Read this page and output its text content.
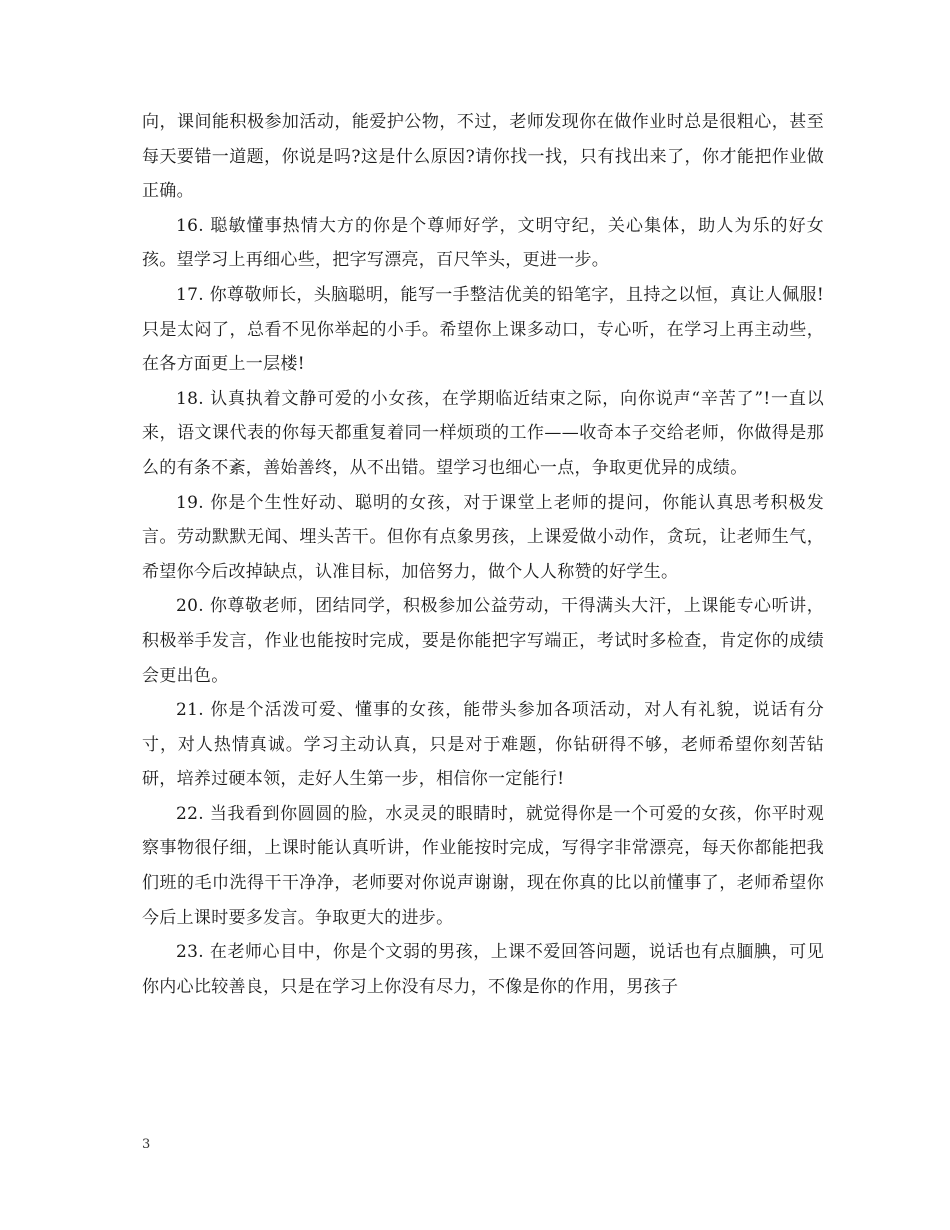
向，课间能积极参加活动，能爱护公物，不过，老师发现你在做作业时总是很粗心，甚至每天要错一道题，你说是吗?这是什么原因?请你找一找，只有找出来了，你才能把作业做正确。

16. 聪敏懂事热情大方的你是个尊师好学，文明守纪，关心集体，助人为乐的好女孩。望学习上再细心些，把字写漂亮，百尺竿头，更进一步。

17. 你尊敬师长，头脑聪明，能写一手整洁优美的铅笔字，且持之以恒，真让人佩服!只是太闷了，总看不见你举起的小手。希望你上课多动口，专心听，在学习上再主动些，在各方面更上一层楼!

18. 认真执着文静可爱的小女孩，在学期临近结束之际，向你说声“辛苦了”!一直以来，语文课代表的你每天都重复着同一样烦琐的工作——收奇本子交给老师，你做得是那么的有条不紊，善始善终，从不出错。望学习也细心一点，争取更优异的成绩。

19. 你是个生性好动、聪明的女孩，对于课堂上老师的提问，你能认真思考积极发言。劳动默默无闻、埋头苦干。但你有点象男孩，上课爱做小动作，贪玩，让老师生气，希望你今后改掉缺点，认准目标，加倍努力，做个人人称赞的好学生。

20. 你尊敬老师，团结同学，积极参加公益劳动，干得满头大汗，上课能专心听讲，积极举手发言，作业也能按时完成，要是你能把字写端正，考试时多检查，肯定你的成绩会更出色。

21. 你是个活泼可爱、懂事的女孩，能带头参加各项活动，对人有礼貌，说话有分寸，对人热情真诚。学习主动认真，只是对于难题，你钻研得不够，老师希望你刻苦钻研，培养过硬本领，走好人生第一步，相信你一定能行!

22. 当我看到你圆圆的脸，水灵灵的眼睛时，就觉得你是一个可爱的女孩，你平时观察事物很仔细，上课时能认真听讲，作业能按时完成，写得字非常漂亮，每天你都能把我们班的毛巾洗得干干净净，老师要对你说声谢谢，现在你真的比以前懂事了，老师希望你今后上课时要多发言。争取更大的进步。

23. 在老师心目中，你是个文弱的男孩，上课不爱回答问题，说话也有点腼腆，可见你内心比较善良，只是在学习上你没有尽力，不像是你的作用，男孩子

3
